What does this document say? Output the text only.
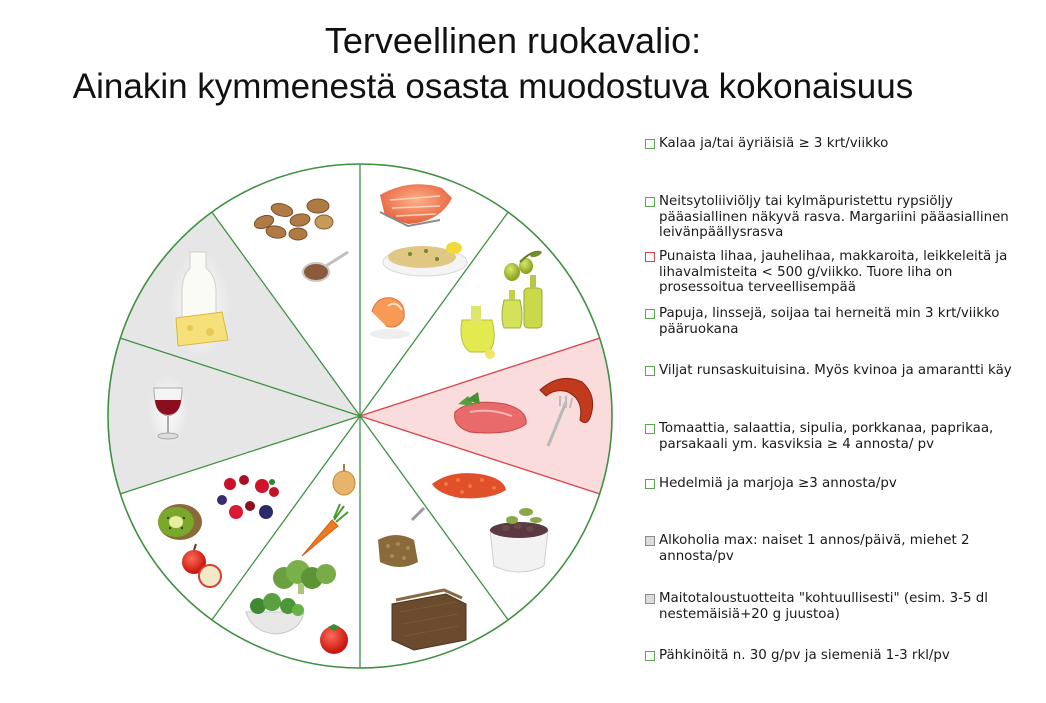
Terveellinen ruokavalio:
Ainakin kymmenestä osasta muodostuva kokonaisuus
Kalaa ja/tai äyriäisiä ≥ 3 krt/viikko
Neitsytoliiviöljy tai kylmäpuristettu rypsiöljy pääasiallinen näkyvä rasva. Margariini pääasiallinen leivänpäällysrasva
Punaista lihaa, jauhelihaa, makkaroita, leikkeleitä ja lihavalmisteita < 500 g/viikko. Tuore liha on prosessoitua terveellisempää
Papuja, linssejä, soijaa tai herneitä min 3 krt/viikko pääruokana
Viljat runsaskuituisina. Myös kvinoa ja amarantti käy
Tomaattia, salaattia, sipulia, porkkanaa, paprikaa, parsakaali ym. kasviksia ≥ 4 annosta/ pv
Hedelmiä ja marjoja ≥3 annosta/pv
Alkoholia max: naiset 1 annos/päivä, miehet 2 annosta/pv
Maitotaloustuotteita "kohtuullisesti" (esim. 3-5 dl nestemäisiä+20 g juustoa)
Pähkinöitä n. 30 g/pv ja siemeniä 1-3 rkl/pv
